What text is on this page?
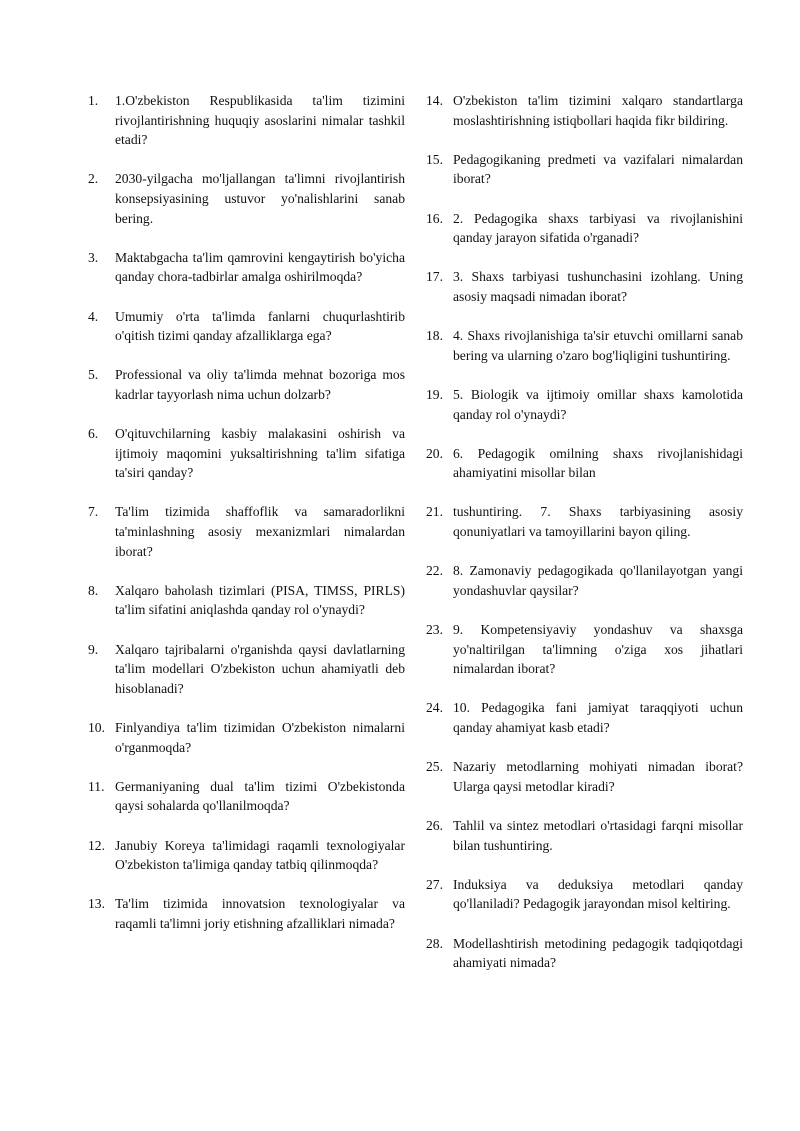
1.	1.O'zbekiston Respublikasida ta'lim tizimini rivojlantirishning huquqiy asoslarini nimalar tashkil etadi?
2.	2030-yilgacha mo'ljallangan ta'limni rivojlantirish konsepsiyasining ustuvor yo'nalishlarini sanab bering.
3.	Maktabgacha ta'lim qamrovini kengaytirish bo'yicha qanday chora-tadbirlar amalga oshirilmoqda?
4.	Umumiy o'rta ta'limda fanlarni chuqurlashtirib o'qitish tizimi qanday afzalliklarga ega?
5.	Professional va oliy ta'limda mehnat bozoriga mos kadrlar tayyorlash nima uchun dolzarb?
6.	O'qituvchilarning kasbiy malakasini oshirish va ijtimoiy maqomini yuksaltirishning ta'lim sifatiga ta'siri qanday?
7.	Ta'lim tizimida shaffoflik va samaradorlikni ta'minlashning asosiy mexanizmlari nimalardan iborat?
8.	Xalqaro baholash tizimlari (PISA, TIMSS, PIRLS) ta'lim sifatini aniqlashda qanday rol o'ynaydi?
9.	Xalqaro tajribalarni o'rganishda qaysi davlatlarning ta'lim modellari O'zbekiston uchun ahamiyatli deb hisoblanadi?
10. Finlyandiya ta'lim tizimidan O'zbekiston nimalarni o'rganmoqda?
11. Germaniyaning dual ta'lim tizimi O'zbekistonda qaysi sohalarda qo'llanilmoqda?
12. Janubiy Koreya ta'limidagi raqamli texnologiyalar O'zbekiston ta'limiga qanday tatbiq qilinmoqda?
13. Ta'lim tizimida innovatsion texnologiyalar va raqamli ta'limni joriy etishning afzalliklari nimada?
14. O'zbekiston ta'lim tizimini xalqaro standartlarga moslashtirishning istiqbollari haqida fikr bildiring.
15. Pedagogikaning predmeti va vazifalari nimalardan iborat?
16. 2. Pedagogika shaxs tarbiyasi va rivojlanishini qanday jarayon sifatida o'rganadi?
17. 3. Shaxs tarbiyasi tushunchasini izohlang. Uning asosiy maqsadi nimadan iborat?
18. 4. Shaxs rivojlanishiga ta'sir etuvchi omillarni sanab bering va ularning o'zaro bog'liqligini tushuntiring.
19. 5. Biologik va ijtimoiy omillar shaxs kamolotida qanday rol o'ynaydi?
20. 6. Pedagogik omilning shaxs rivojlanishidagi ahamiyatini misollar bilan
21. tushuntiring. 7. Shaxs tarbiyasining asosiy qonuniyatlari va tamoyillarini bayon qiling.
22. 8. Zamonaviy pedagogikada qo'llanilayotgan yangi yondashuvlar qaysilar?
23. 9. Kompetensiyaviy yondashuv va shaxsga yo'naltirilgan ta'limning o'ziga xos jihatlari nimalardan iborat?
24. 10. Pedagogika fani jamiyat taraqqiyoti uchun qanday ahamiyat kasb etadi?
25. Nazariy metodlarning mohiyati nimadan iborat? Ularga qaysi metodlar kiradi?
26. Tahlil va sintez metodlari o'rtasidagi farqni misollar bilan tushuntiring.
27. Induksiya va deduksiya metodlari qanday qo'llaniladi? Pedagogik jarayondan misol keltiring.
28. Modellashtirish metodining pedagogik tadqiqotdagi ahamiyati nimada?
